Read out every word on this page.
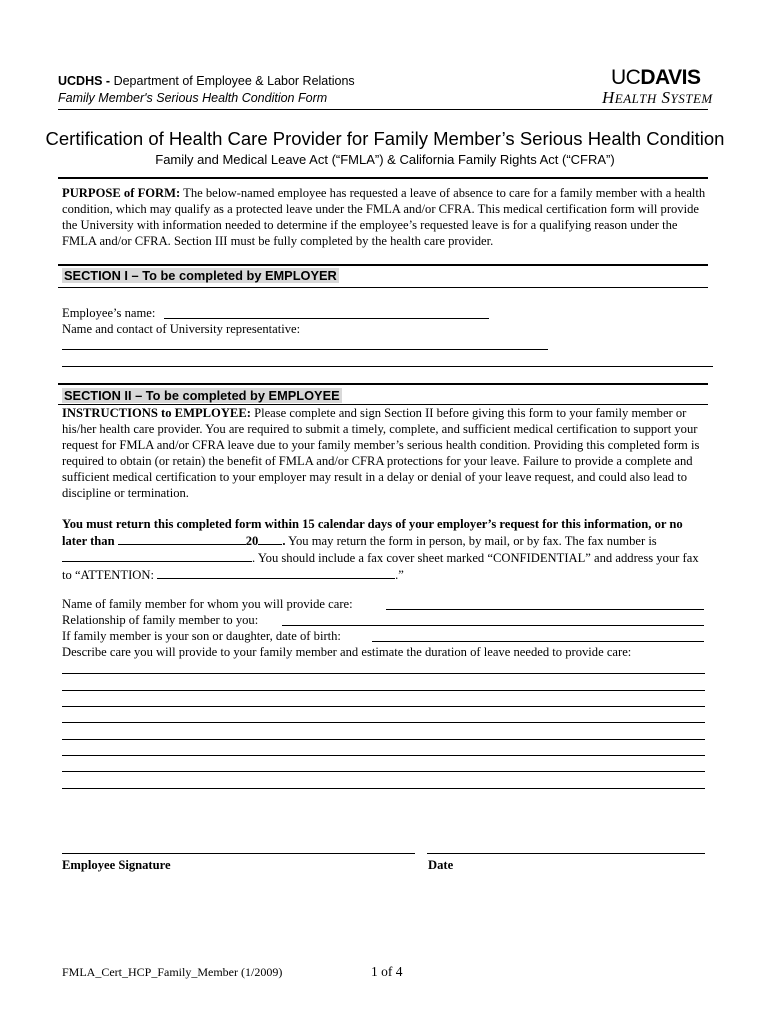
UCDHS - Department of Employee & Labor Relations
Family Member's Serious Health Condition Form
UCDAVIS
HEALTH SYSTEM
Certification of Health Care Provider for Family Member’s Serious Health Condition
Family and Medical Leave Act (“FMLA”) & California Family Rights Act (“CFRA”)
PURPOSE of FORM: The below-named employee has requested a leave of absence to care for a family member with a health condition, which may qualify as a protected leave under the FMLA and/or CFRA. This medical certification form will provide the University with information needed to determine if the employee’s requested leave is for a qualifying reason under the FMLA and/or CFRA. Section III must be fully completed by the health care provider.
SECTION I – To be completed by EMPLOYER
Employee’s name:
Name and contact of University representative:
SECTION II – To be completed by EMPLOYEE
INSTRUCTIONS to EMPLOYEE: Please complete and sign Section II before giving this form to your family member or his/her health care provider. You are required to submit a timely, complete, and sufficient medical certification to support your request for FMLA and/or CFRA leave due to your family member’s serious health condition. Providing this completed form is required to obtain (or retain) the benefit of FMLA and/or CFRA protections for your leave. Failure to provide a complete and sufficient medical certification to your employer may result in a delay or denial of your leave request, and could also lead to discipline or termination.
You must return this completed form within 15 calendar days of your employer’s request for this information, or no later than	20 . You may return the form in person, by mail, or by fax. The fax number is
. You should include a fax cover sheet marked “CONFIDENTIAL” and address your fax to “ATTENTION:	.”
Name of family member for whom you will provide care:
Relationship of family member to you:
If family member is your son or daughter, date of birth:
Describe care you will provide to your family member and estimate the duration of leave needed to provide care:
Employee Signature	Date
FMLA_Cert_HCP_Family_Member (1/2009)	1 of 4
